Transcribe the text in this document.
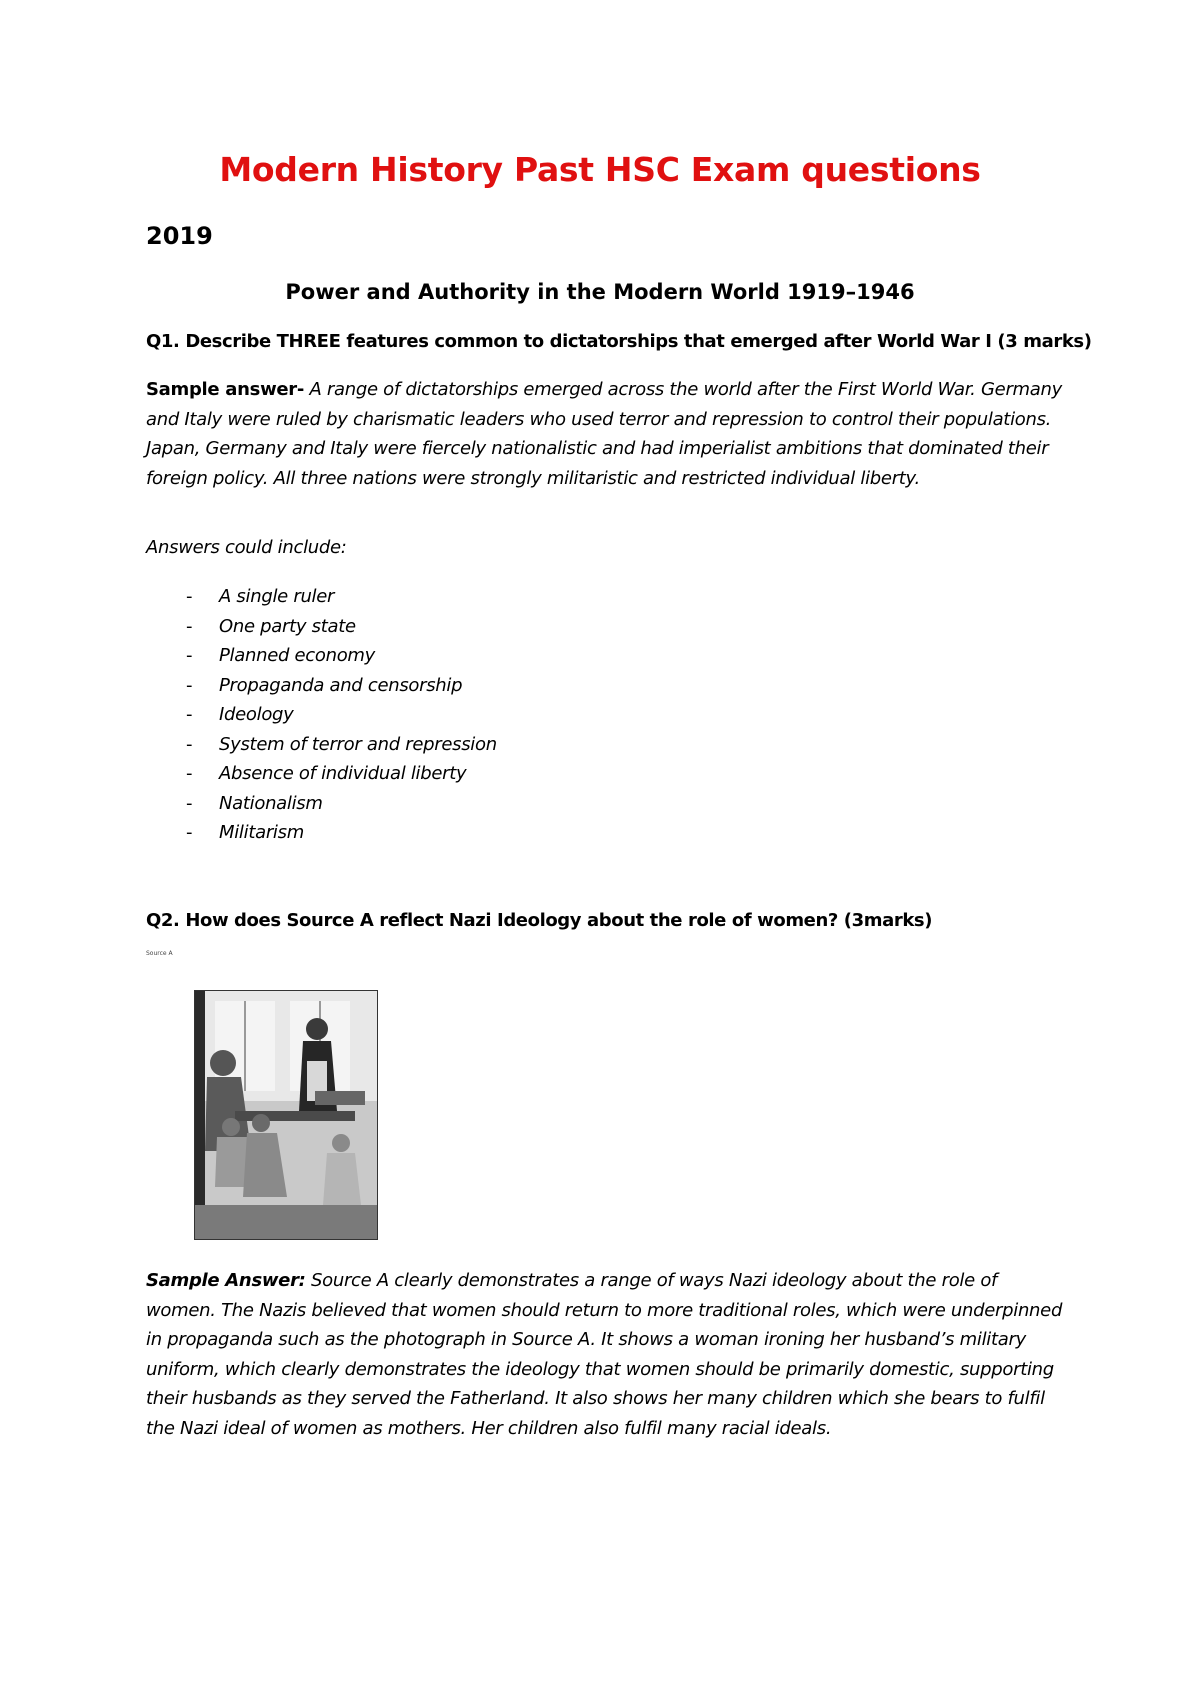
Modern History Past HSC Exam questions
2019
Power and Authority in the Modern World 1919–1946

Q1. Describe THREE features common to dictatorships that emerged after World War I (3 marks)

Sample answer- A range of dictatorships emerged across the world after the First World War. Germany and Italy were ruled by charismatic leaders who used terror and repression to control their populations. Japan, Germany and Italy were fiercely nationalistic and had imperialist ambitions that dominated their foreign policy. All three nations were strongly militaristic and restricted individual liberty.

Answers could include:

-	A single ruler
-	One party state
-	Planned economy
-	Propaganda and censorship
-	Ideology
-	System of terror and repression
-	Absence of individual liberty
-	Nationalism
-	Militarism

Q2. How does Source A reflect Nazi Ideology about the role of women? (3marks)

Source A

Sample Answer: Source A clearly demonstrates a range of ways Nazi ideology about the role of women. The Nazis believed that women should return to more traditional roles, which were underpinned in propaganda such as the photograph in Source A. It shows a woman ironing her husband’s military uniform, which clearly demonstrates the ideology that women should be primarily domestic, supporting their husbands as they served the Fatherland. It also shows her many children which she bears to fulfil the Nazi ideal of women as mothers. Her children also fulfil many racial ideals.
